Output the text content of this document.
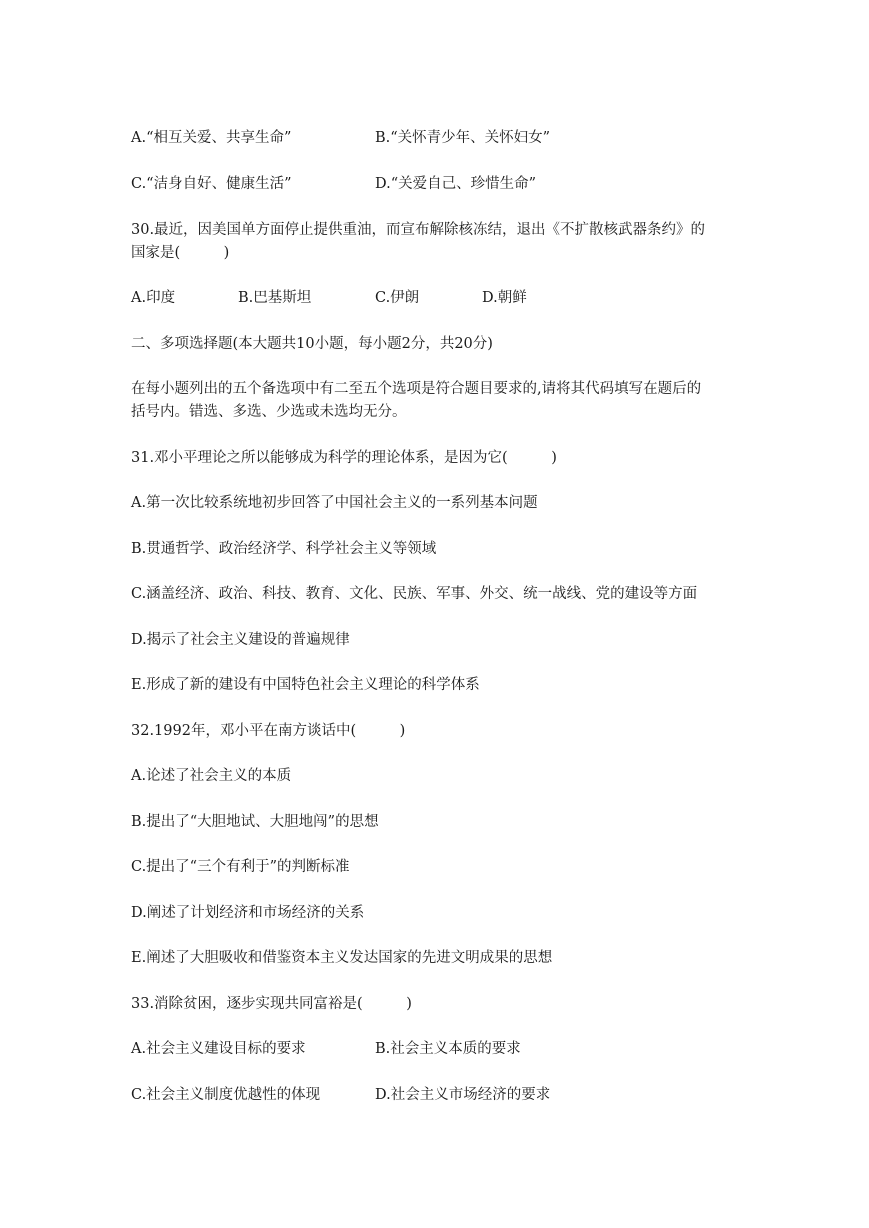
A.“相互关爱、共享生命”	B.“关怀青少年、关怀妇女”
C.“洁身自好、健康生活”	D.“关爱自己、珍惜生命”
30.最近，因美国单方面停止提供重油，而宣布解除核冻结，退出《不扩散核武器条约》的
国家是(　　　)
A.印度	B.巴基斯坦	C.伊朗	D.朝鲜
二、多项选择题(本大题共10小题，每小题2分，共20分)
在每小题列出的五个备选项中有二至五个选项是符合题目要求的,请将其代码填写在题后的
括号内。错选、多选、少选或未选均无分。
31.邓小平理论之所以能够成为科学的理论体系，是因为它(　　　)
A.第一次比较系统地初步回答了中国社会主义的一系列基本问题
B.贯通哲学、政治经济学、科学社会主义等领域
C.涵盖经济、政治、科技、教育、文化、民族、军事、外交、统一战线、党的建设等方面
D.揭示了社会主义建设的普遍规律
E.形成了新的建设有中国特色社会主义理论的科学体系
32.1992年，邓小平在南方谈话中(　　　)
A.论述了社会主义的本质
B.提出了“大胆地试、大胆地闯”的思想
C.提出了“三个有利于”的判断标准
D.阐述了计划经济和市场经济的关系
E.阐述了大胆吸收和借鉴资本主义发达国家的先进文明成果的思想
33.消除贫困，逐步实现共同富裕是(　　　)
A.社会主义建设目标的要求	B.社会主义本质的要求
C.社会主义制度优越性的体现	D.社会主义市场经济的要求
